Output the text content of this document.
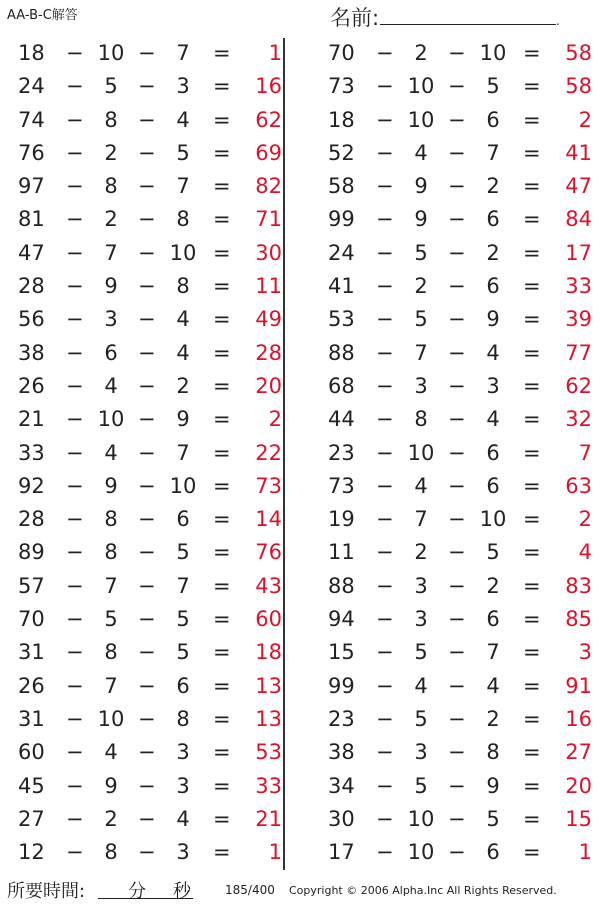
AA-B-C解答	名前:	.
18 − 10 − 7	= 1
24 − 5 − 3	= 16
74 − 8 − 4	= 62
76 − 2 − 5	= 69
97 − 8 − 7	= 82
81 − 2 − 8	= 71
47 − 7 − 10 = 30
28 − 9 − 8	= 11
56 − 3 − 4	= 49
38 − 6 − 4	= 28
26 − 4 − 2	= 20
21 − 10 − 9	= 2
33 − 4 − 7	= 22
92 − 9 − 10 = 73
28 − 8 − 6	= 14
89 − 8 − 5	= 76
57 − 7 − 7	= 43
70 − 5 − 5	= 60
31 − 8 − 5	= 18
26 − 7 − 6	= 13
31 − 10 − 8	= 13
60 − 4 − 3	= 53
45 − 9 − 3	= 33
27 − 2 − 4	= 21
12 − 8 − 3	= 1
70 − 2 − 10 = 58
73 − 10 − 5	= 58
18 − 10 − 6	= 2
52 − 4 − 7	= 41
58 − 9 − 2	= 47
99 − 9 − 6	= 84
24 − 5 − 2	= 17
41 − 2 − 6	= 33
53 − 5 − 9	= 39
88 − 7 − 4	= 77
68 − 3 − 3	= 62
44 − 8 − 4	= 32
23 − 10 − 6	= 7
73 − 4 − 6	= 63
19 − 7 − 10 = 2
11 − 2 − 5	= 4
88 − 3 − 2	= 83
94 − 3 − 6	= 85
15 − 5 − 7	= 3
99 − 4 − 4	= 91
23 − 5 − 2	= 16
38 − 3 − 8	= 27
34 − 5 − 9	= 20
30 − 10 − 5	= 15
17 − 10 − 6	= 1
所要時間: 分 秒	185/400 Copyright © 2006 Alpha.Inc All Rights Reserved.
